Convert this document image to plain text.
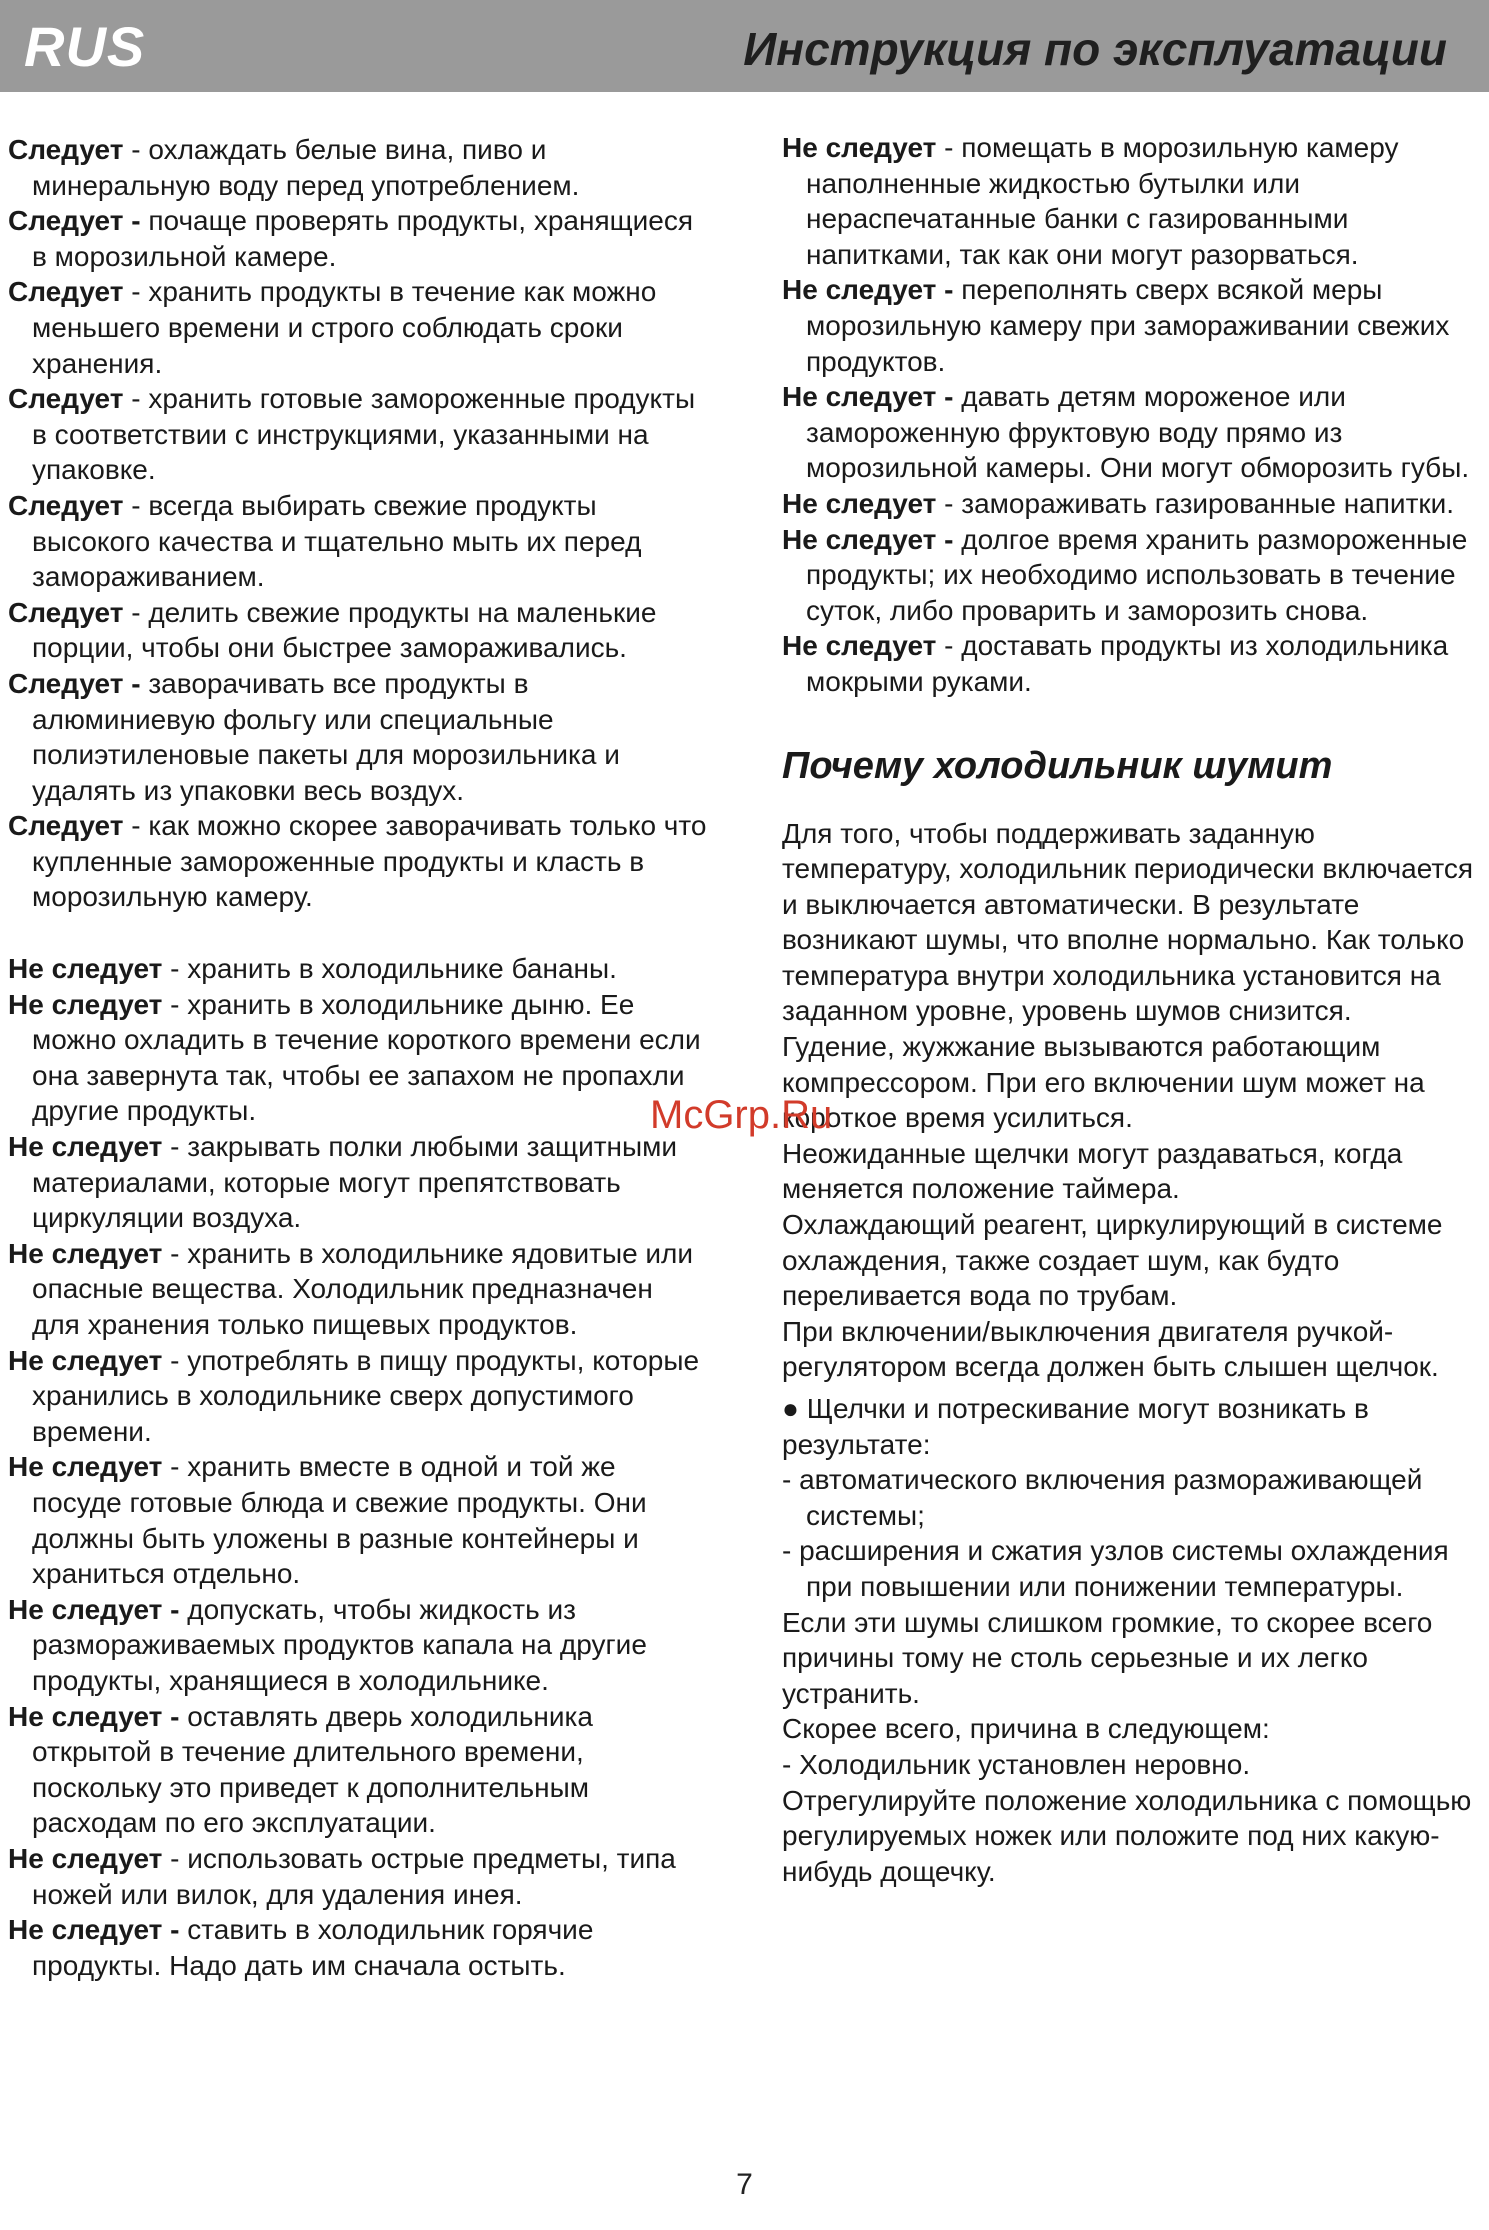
RUS	Инструкция по эксплуатации

Следует - охлаждать белые вина, пиво и минеральную воду перед употреблением.

Следует - почаще проверять продукты, хранящиеся в морозильной камере.

Следует - хранить продукты в течение как можно меньшего времени и строго соблюдать сроки хранения.

Следует - хранить готовые замороженные продукты в соответствии с инструкциями, указанными на упаковке.

Следует - всегда выбирать свежие продукты высокого качества и тщательно мыть их перед замораживанием.

Следует - делить свежие продукты на маленькие порции, чтобы они быстрее замораживались.

Следует - заворачивать все продукты в алюминиевую фольгу или специальные полиэтиленовые пакеты для морозильника и удалять из упаковки весь воздух.

Следует - как можно скорее заворачивать только что купленные замороженные продукты и класть в морозильную камеру.

Не следует - хранить в холодильнике бананы.

Не следует - хранить в холодильнике дыню. Ее можно охладить в течение короткого времени если она завернута так, чтобы ее запахом не пропахли другие продукты.

Не следует - закрывать полки любыми защитными материалами, которые могут препятствовать циркуляции воздуха.

Не следует - хранить в холодильнике ядовитые или опасные вещества. Холодильник предназначен для хранения только пищевых продуктов.

Не следует - употреблять в пищу продукты, которые хранились в холодильнике сверх допустимого времени.

Не следует - хранить вместе в одной и той же посуде готовые блюда и свежие продукты. Они должны быть уложены в разные контейнеры и храниться отдельно.

Не следует - допускать, чтобы жидкость из размораживаемых продуктов капала на другие продукты, хранящиеся в холодильнике.

Не следует - оставлять дверь холодильника открытой в течение длительного времени, поскольку это приведет к дополнительным расходам по его эксплуатации.

Не следует - использовать острые предметы, типа ножей или вилок, для удаления инея.

Не следует - ставить в холодильник горячие продукты. Надо дать им сначала остыть.

Не следует - помещать в морозильную камеру наполненные жидкостью бутылки или нераспечатанные банки с газированными напитками, так как они могут разорваться.

Не следует - переполнять сверх всякой меры морозильную камеру при замораживании свежих продуктов.

Не следует - давать детям мороженое или замороженную фруктовую воду прямо из морозильной камеры. Они могут обморозить губы.

Не следует - замораживать газированные напитки.

Не следует - долгое время хранить размороженные продукты; их необходимо использовать в течение суток, либо проварить и заморозить снова.

Не следует - доставать продукты из холодильника мокрыми руками.

Почему холодильник шумит

Для того, чтобы поддерживать заданную температуру, холодильник периодически включается и выключается автоматически. В результате возникают шумы, что вполне нормально. Как только температура внутри холодильника установится на заданном уровне, уровень шумов снизится.

Гудение, жужжание вызываются работающим компрессором. При его включении шум может на короткое время усилиться.

Неожиданные щелчки могут раздаваться, когда меняется положение таймера.

Охлаждающий реагент, циркулирующий в системе охлаждения, также создает шум, как будто переливается вода по трубам.

При включении/выключения двигателя ручкой-регулятором всегда должен быть слышен щелчок.

● Щелчки и потрескивание могут возникать в результате:

- автоматического включения размораживающей системы;

- расширения и сжатия узлов системы охлаждения при повышении или понижении температуры.

Если эти шумы слишком громкие, то скорее всего причины тому не столь серьезные и их легко устранить.

Скорее всего, причина в следующем:

- Холодильник установлен неровно.

Отрегулируйте положение холодильника с помощью регулируемых ножек или положите под них какую-нибудь дощечку.

McGrp.Ru
7
